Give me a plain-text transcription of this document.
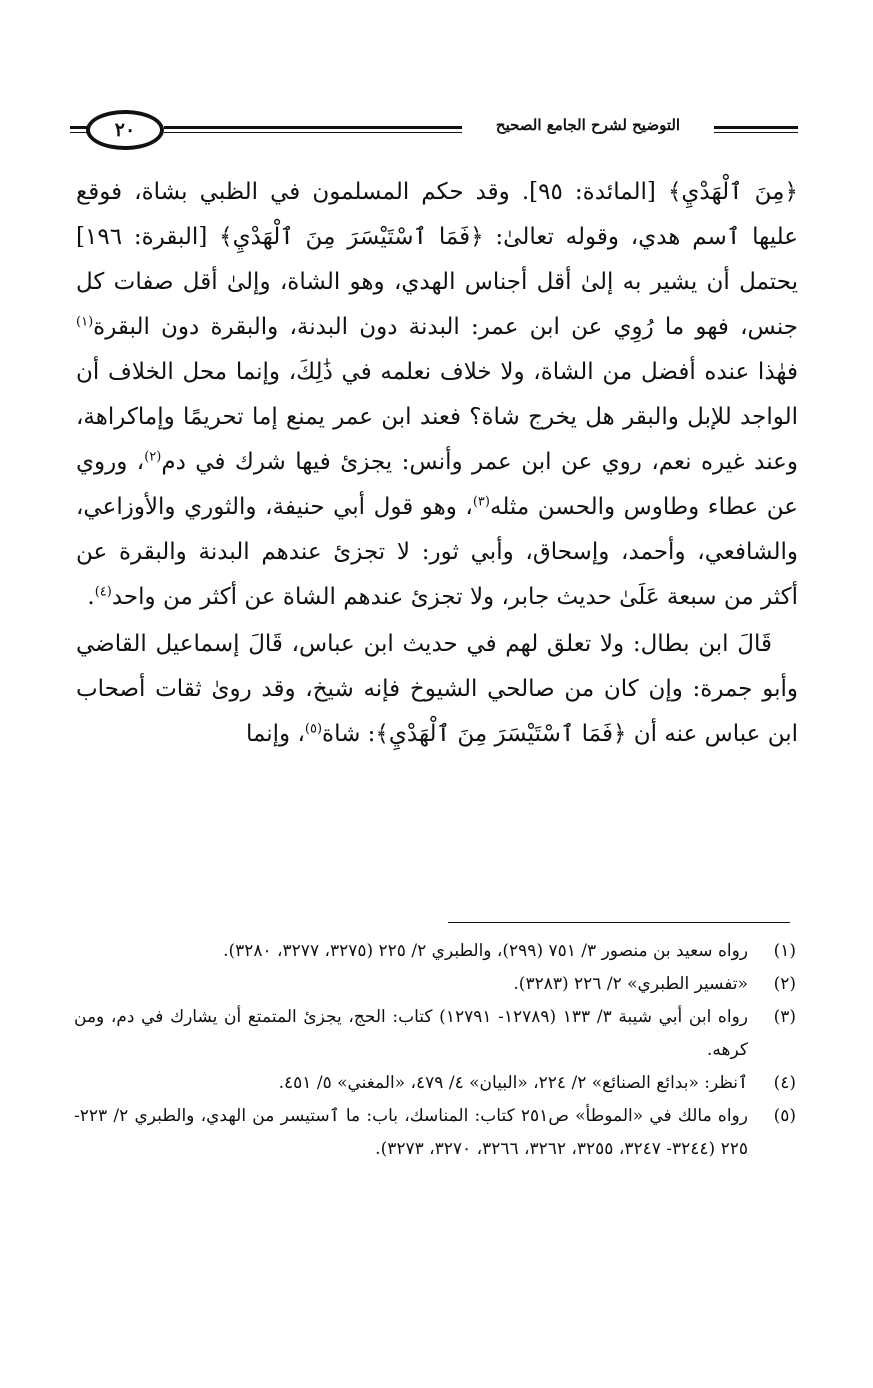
٢٠	التوضيح لشرح الجامع الصحيح

﴿مِنَ ٱلْهَدْيِ﴾ [المائدة: ٩٥]. وقد حكم المسلمون في الظبي بشاة، فوقع عليها ٱسم هدي، وقوله تعالىٰ: ﴿فَمَا ٱسْتَيْسَرَ مِنَ ٱلْهَدْيِ﴾ [البقرة: ١٩٦] يحتمل أن يشير به إلىٰ أقل أجناس الهدي، وهو الشاة، وإلىٰ أقل صفات كل جنس، فهو ما رُوِي عن ابن عمر: البدنة دون البدنة، والبقرة دون البقرة$^{(١)}$ فهٰذا عنده أفضل من الشاة، ولا خلاف نعلمه في ذَٰلِكَ، وإنما محل الخلاف أن الواجد للإبل والبقر هل يخرج شاة؟ فعند ابن عمر يمنع إما تحريمًا وإماكراهة، وعند غيره نعم، روي عن ابن عمر وأنس: يجزئ فيها شرك في دم$^{(٢)}$، وروي عن عطاء وطاوس والحسن مثله$^{(٣)}$، وهو قول أبي حنيفة، والثوري والأوزاعي، والشافعي، وأحمد، وإسحاق، وأبي ثور: لا تجزئ عندهم البدنة والبقرة عن أكثر من سبعة عَلَىٰ حديث جابر، ولا تجزئ عندهم الشاة عن أكثر من واحد$^{(٤)}$.

قَالَ ابن بطال: ولا تعلق لهم في حديث ابن عباس، قَالَ إسماعيل القاضي وأبو جمرة: وإن كان من صالحي الشيوخ فإنه شيخ، وقد روىٰ ثقات أصحاب ابن عباس عنه أن ﴿فَمَا ٱسْتَيْسَرَ مِنَ ٱلْهَدْيِ﴾: شاة$^{(٥)}$، وإنما

(١)
رواه سعيد بن منصور ٣/ ٧٥١ (٢٩٩)، والطبري ٢/ ٢٢٥ (٣٢٧٥، ٣٢٧٧، ٣٢٨٠).
(٢)
«تفسير الطبري» ٢/ ٢٢٦ (٣٢٨٣).
(٣)
رواه ابن أبي شيبة ٣/ ١٣٣ (١٢٧٨٩- ١٢٧٩١) كتاب: الحج، يجزئ المتمتع أن يشارك في دم، ومن كرهه.
(٤)
ٱنظر: «بدائع الصنائع» ٢/ ٢٢٤، «البيان» ٤/ ٤٧٩، «المغني» ٥/ ٤٥١.
(٥)
رواه مالك في «الموطأ» ص٢٥١ كتاب: المناسك، باب: ما ٱستيسر من الهدي، والطبري ٢/ ٢٢٣- ٢٢٥ (٣٢٤٤- ٣٢٤٧، ٣٢٥٥، ٣٢٦٢، ٣٢٦٦، ٣٢٧٠، ٣٢٧٣).
